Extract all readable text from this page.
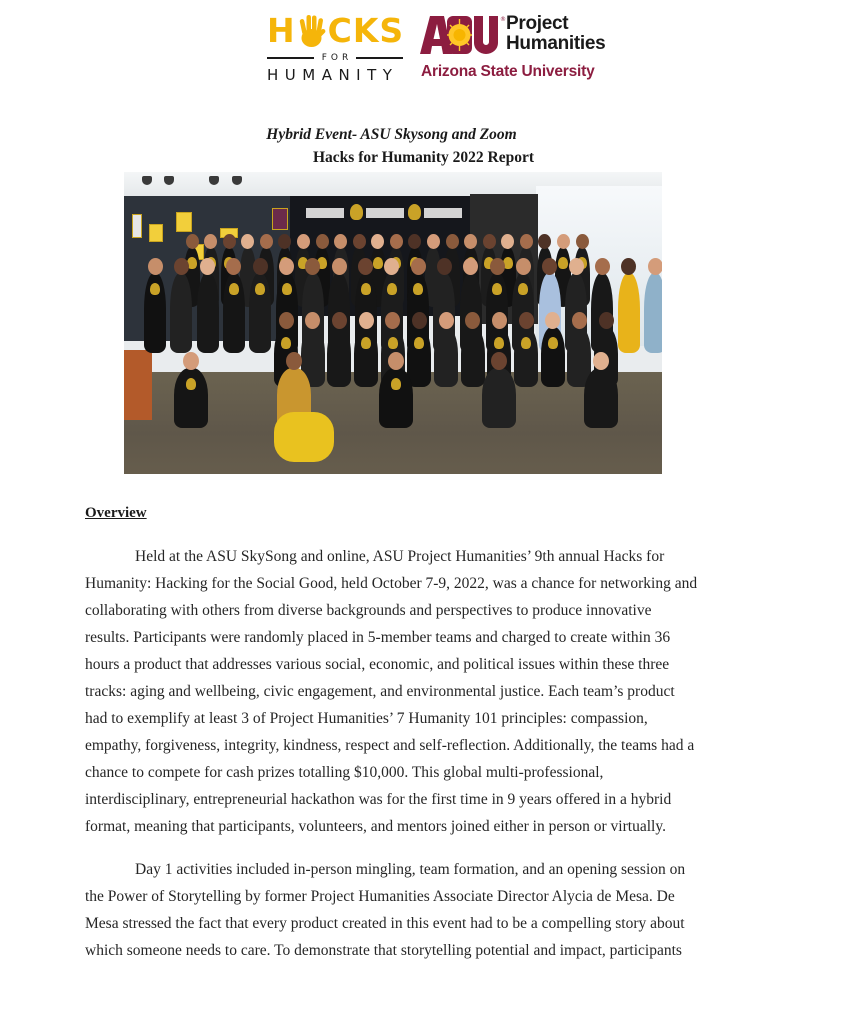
H CKS
FOR
HUMANITY
® Project
Humanities
Arizona State University
Hybrid Event- ASU Skysong and Zoom
Hacks for Humanity 2022 Report
Overview
Held at the ASU SkySong and online, ASU Project Humanities’ 9th annual Hacks for
Humanity: Hacking for the Social Good, held October 7-9, 2022, was a chance for networking and
collaborating with others from diverse backgrounds and perspectives to produce innovative
results. Participants were randomly placed in 5-member teams and charged to create within 36
hours a product that addresses various social, economic, and political issues within these three
tracks: aging and wellbeing, civic engagement, and environmental justice. Each team’s product
had to exemplify at least 3 of Project Humanities’ 7 Humanity 101 principles: compassion,
empathy, forgiveness, integrity, kindness, respect and self-reflection. Additionally, the teams had a
chance to compete for cash prizes totalling $10,000. This global multi-professional,
interdisciplinary, entrepreneurial hackathon was for the first time in 9 years offered in a hybrid
format, meaning that participants, volunteers, and mentors joined either in person or virtually.
Day 1 activities included in-person mingling, team formation, and an opening session on
the Power of Storytelling by former Project Humanities Associate Director Alycia de Mesa. De
Mesa stressed the fact that every product created in this event had to be a compelling story about
which someone needs to care. To demonstrate that storytelling potential and impact, participants
